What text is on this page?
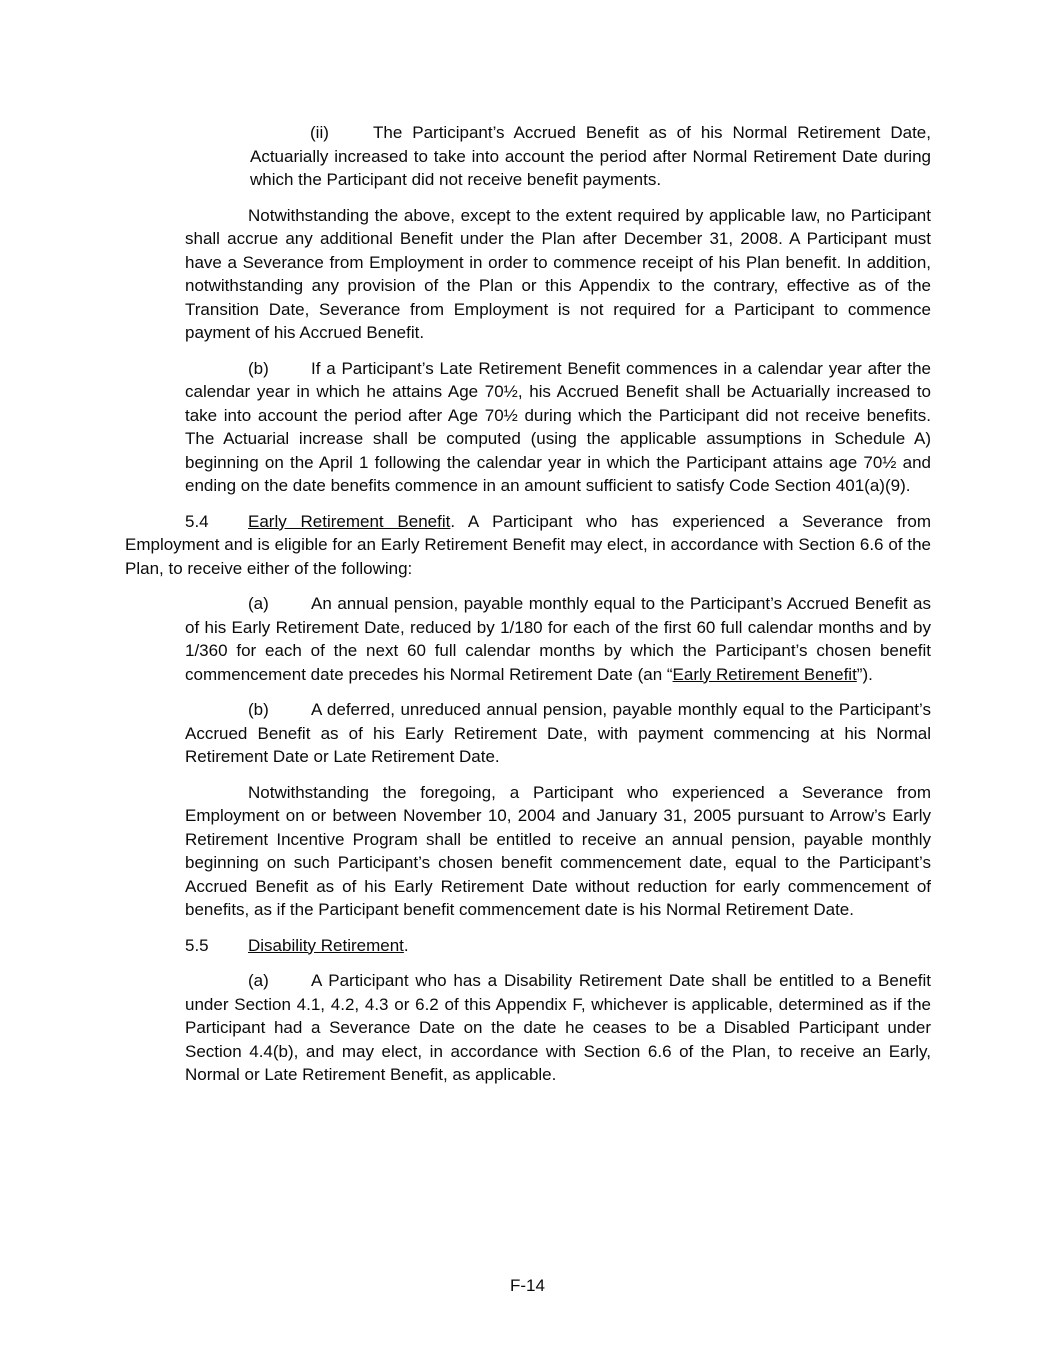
(ii)	The Participant’s Accrued Benefit as of his Normal Retirement Date, Actuarially increased to take into account the period after Normal Retirement Date during which the Participant did not receive benefit payments.

Notwithstanding the above, except to the extent required by applicable law, no Participant shall accrue any additional Benefit under the Plan after December 31, 2008. A Participant must have a Severance from Employment in order to commence receipt of his Plan benefit. In addition, notwithstanding any provision of the Plan or this Appendix to the contrary, effective as of the Transition Date, Severance from Employment is not required for a Participant to commence payment of his Accrued Benefit.

(b) If a Participant’s Late Retirement Benefit commences in a calendar year after the calendar year in which he attains Age 70½, his Accrued Benefit shall be Actuarially increased to take into account the period after Age 70½ during which the Participant did not receive benefits. The Actuarial increase shall be computed (using the applicable assumptions in Schedule A) beginning on the April 1 following the calendar year in which the Participant attains age 70½ and ending on the date benefits commence in an amount sufficient to satisfy Code Section 401(a)(9).

5.4 Early Retirement Benefit. A Participant who has experienced a Severance from Employment and is eligible for an Early Retirement Benefit may elect, in accordance with Section 6.6 of the Plan, to receive either of the following:

(a) An annual pension, payable monthly equal to the Participant’s Accrued Benefit as of his Early Retirement Date, reduced by 1/180 for each of the first 60 full calendar months and by 1/360 for each of the next 60 full calendar months by which the Participant’s chosen benefit commencement date precedes his Normal Retirement Date (an “Early Retirement Benefit”).

(b) A deferred, unreduced annual pension, payable monthly equal to the Participant’s Accrued Benefit as of his Early Retirement Date, with payment commencing at his Normal Retirement Date or Late Retirement Date.

Notwithstanding the foregoing, a Participant who experienced a Severance from Employment on or between November 10, 2004 and January 31, 2005 pursuant to Arrow’s Early Retirement Incentive Program shall be entitled to receive an annual pension, payable monthly beginning on such Participant’s chosen benefit commencement date, equal to the Participant’s Accrued Benefit as of his Early Retirement Date without reduction for early commencement of benefits, as if the Participant benefit commencement date is his Normal Retirement Date.

5.5 Disability Retirement.

(a) A Participant who has a Disability Retirement Date shall be entitled to a Benefit under Section 4.1, 4.2, 4.3 or 6.2 of this Appendix F, whichever is applicable, determined as if the Participant had a Severance Date on the date he ceases to be a Disabled Participant under Section 4.4(b), and may elect, in accordance with Section 6.6 of the Plan, to receive an Early, Normal or Late Retirement Benefit, as applicable.

F-14
